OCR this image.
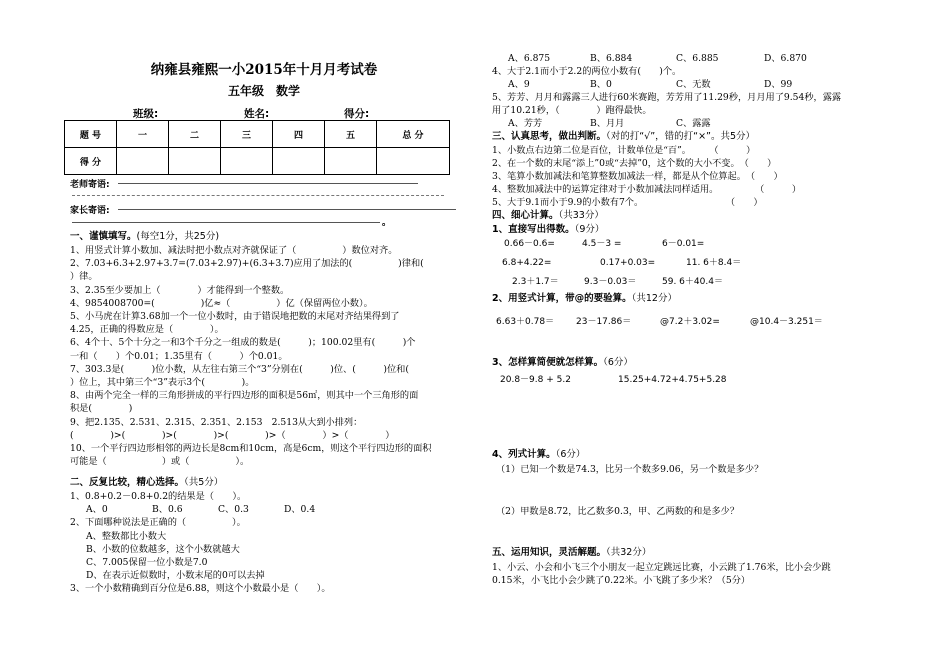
纳雍县雍熙一小2015年十月月考试卷
五年级 数学
班级:	姓名:	得分:
题 号	一	二	三	四	五	总 分
得 分						
老师寄语:
家长寄语:
。
一、谨慎填写。(每空1分，共25分)
1、用竖式计算小数加、减法时把小数点对齐就保证了（　　　　　）数位对齐。
2、7.03+6.3+2.97+3.7=(7.03+2.97)+(6.3+3.7)应用了加法的(　　　　　)律和(
）律。
3、2.35至少要加上（　　　　）才能得到一个整数。
4、9854008700=(　　　　　)亿≈（　　　　　）亿（保留两位小数）。
5、小马虎在计算3.68加一个一位小数时，由于错误地把数的末尾对齐结果得到了
4.25，正确的得数应是（　　　　）。
6、4个十、5个十分之一和3个千分之一组成的数是(　　　)；100.02里有(　　　)个
一和（　　）个0.01；1.35里有（　　　）个0.01。
7、303.3是(　　　)位小数，从左往右第三个“3”分别在(　　　)位、(　　　)位和(
）位上，其中第三个“3”表示3个(　　　　)。
8、由两个完全一样的三角形拼成的平行四边形的面积是56㎡，则其中一个三角形的面
积是(　　　　)
9、把2.135、2.531、2.315、2.351、2.153　2.513从大到小排列：
(　　　　)>(　　　　)>(　　　　)>(　　　　)>（　　　　）>（　　　　）
10、一个平行四边形相邻的两边长是8cm和10cm，高是6cm，则这个平行四边形的面积
可能是（　　　　　　）或（　　　　　）。
二、反复比较，精心选择。（共5分）
1、0.8+0.2－0.8+0.2的结果是（　　）。
A、0	B、0.6	C、0.3	D、0.4
2、下面哪种说法是正确的（　　　　　）。
A、整数都比小数大
B、小数的位数越多，这个小数就越大
C、7.005保留一位小数是7.0
D、在表示近似数时，小数末尾的0可以去掉
3、一个小数精确到百分位是6.88，则这个小数最小是（　　）。
A、6.875	B、6.884	C、6.885	D、6.870
4、大于2.1而小于2.2的两位小数有(　　)个。
A、9	B、0	C、无数	D、99
5、芳芳、月月和露露三人进行60米赛跑，芳芳用了11.29秒，月月用了9.54秒，露露
用了10.21秒，（　　　　）跑得最快。
A、芳芳	B、月月	C、露露
三、认真思考，做出判断。（对的打“√”，错的打“×”。共5分）
1、小数点右边第二位是百位，计数单位是“百”。　　　（　　　）
2、在一个数的末尾“添上”0或“去掉”0，这个数的大小不变。　（　　）
3、笔算小数加减法和笔算整数加减法一样，都是从个位算起。　（　　）
4、整数加减法中的运算定律对于小数加减法同样适用。　　　　　（　　　）
5、大于9.1而小于9.9的小数有7个。　　　　　　　　　　（　　）
四、细心计算。（共33分）
1、直接写出得数。（9分）
0.66－0.6=	4.5－3 =	6－0.01=
6.8+4.22=	0.17+0.03=	11. 6＋8.4＝
2.3＋1.7＝	9.3－0.03＝	59. 6＋40.4＝
2、用竖式计算，带@的要验算。（共12分）
6.63＋0.78＝ 23－17.86＝	@7.2＋3.02=	@10.4－3.251＝
3、怎样算简便就怎样算。（6分）
20.8－9.8 + 5.2	15.25+4.72+4.75+5.28
4、列式计算。（6分）
（1）已知一个数是74.3，比另一个数多9.06，另一个数是多少？
（2）甲数是8.72，比乙数多0.3，甲、乙两数的和是多少？
五、运用知识，灵活解题。（共32分）
1、小云、小会和小飞三个小朋友一起立定跳远比赛，小云跳了1.76米，比小会少跳
0.15米，小飞比小会少跳了0.22米。小飞跳了多少米？（5分）
